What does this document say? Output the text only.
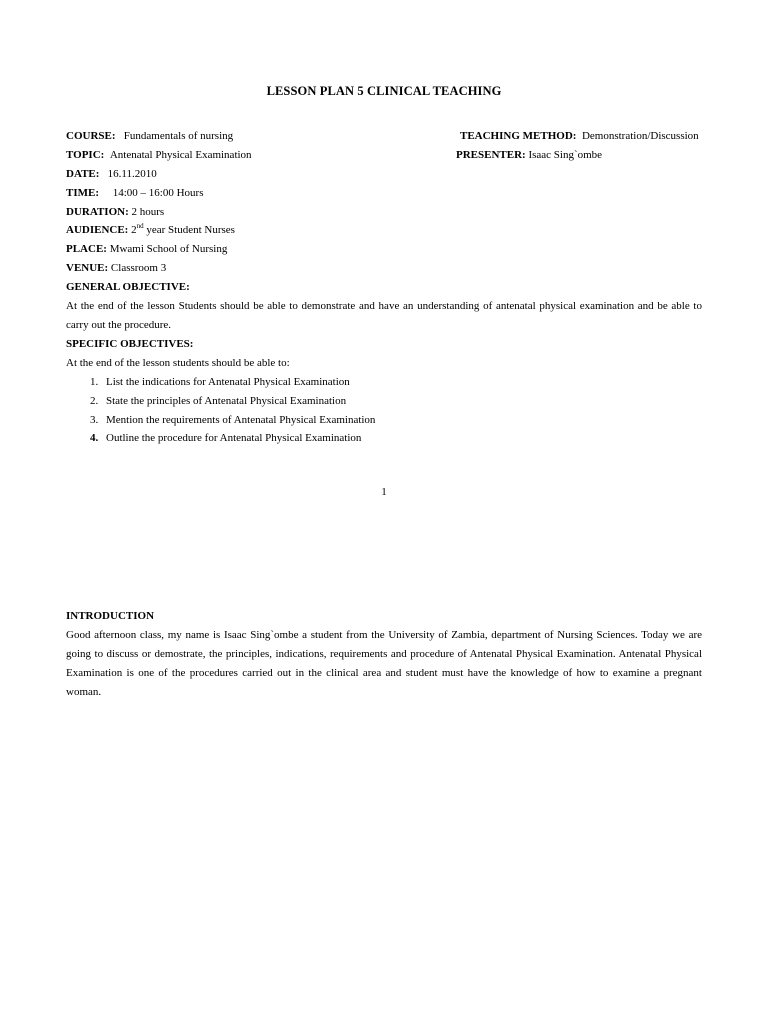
LESSON PLAN 5 CLINICAL TEACHING
COURSE: Fundamentals of nursing
TOPIC: Antenatal Physical Examination
DATE: 16.11.2010
TIME: 14:00 – 16:00 Hours
DURATION: 2 hours
AUDIENCE: 2nd year Student Nurses
PLACE: Mwami School of Nursing
VENUE: Classroom 3
TEACHING METHOD: Demonstration/Discussion
PRESENTER: Isaac Sing`ombe
GENERAL OBJECTIVE:
At the end of the lesson Students should be able to demonstrate and have an understanding of antenatal physical examination and be able to carry out the procedure.
SPECIFIC OBJECTIVES:
At the end of the lesson students should be able to:
1. List the indications for Antenatal Physical Examination
2. State the principles of Antenatal Physical Examination
3. Mention the requirements of Antenatal Physical Examination
4. Outline the procedure for Antenatal Physical Examination
1
INTRODUCTION
Good afternoon class, my name is Isaac Sing`ombe a student from the University of Zambia, department of Nursing Sciences. Today we are going to discuss or demostrate, the principles, indications, requirements and procedure of Antenatal Physical Examination. Antenatal Physical Examination is one of the procedures carried out in the clinical area and student must have the knowledge of how to examine a pregnant woman.
